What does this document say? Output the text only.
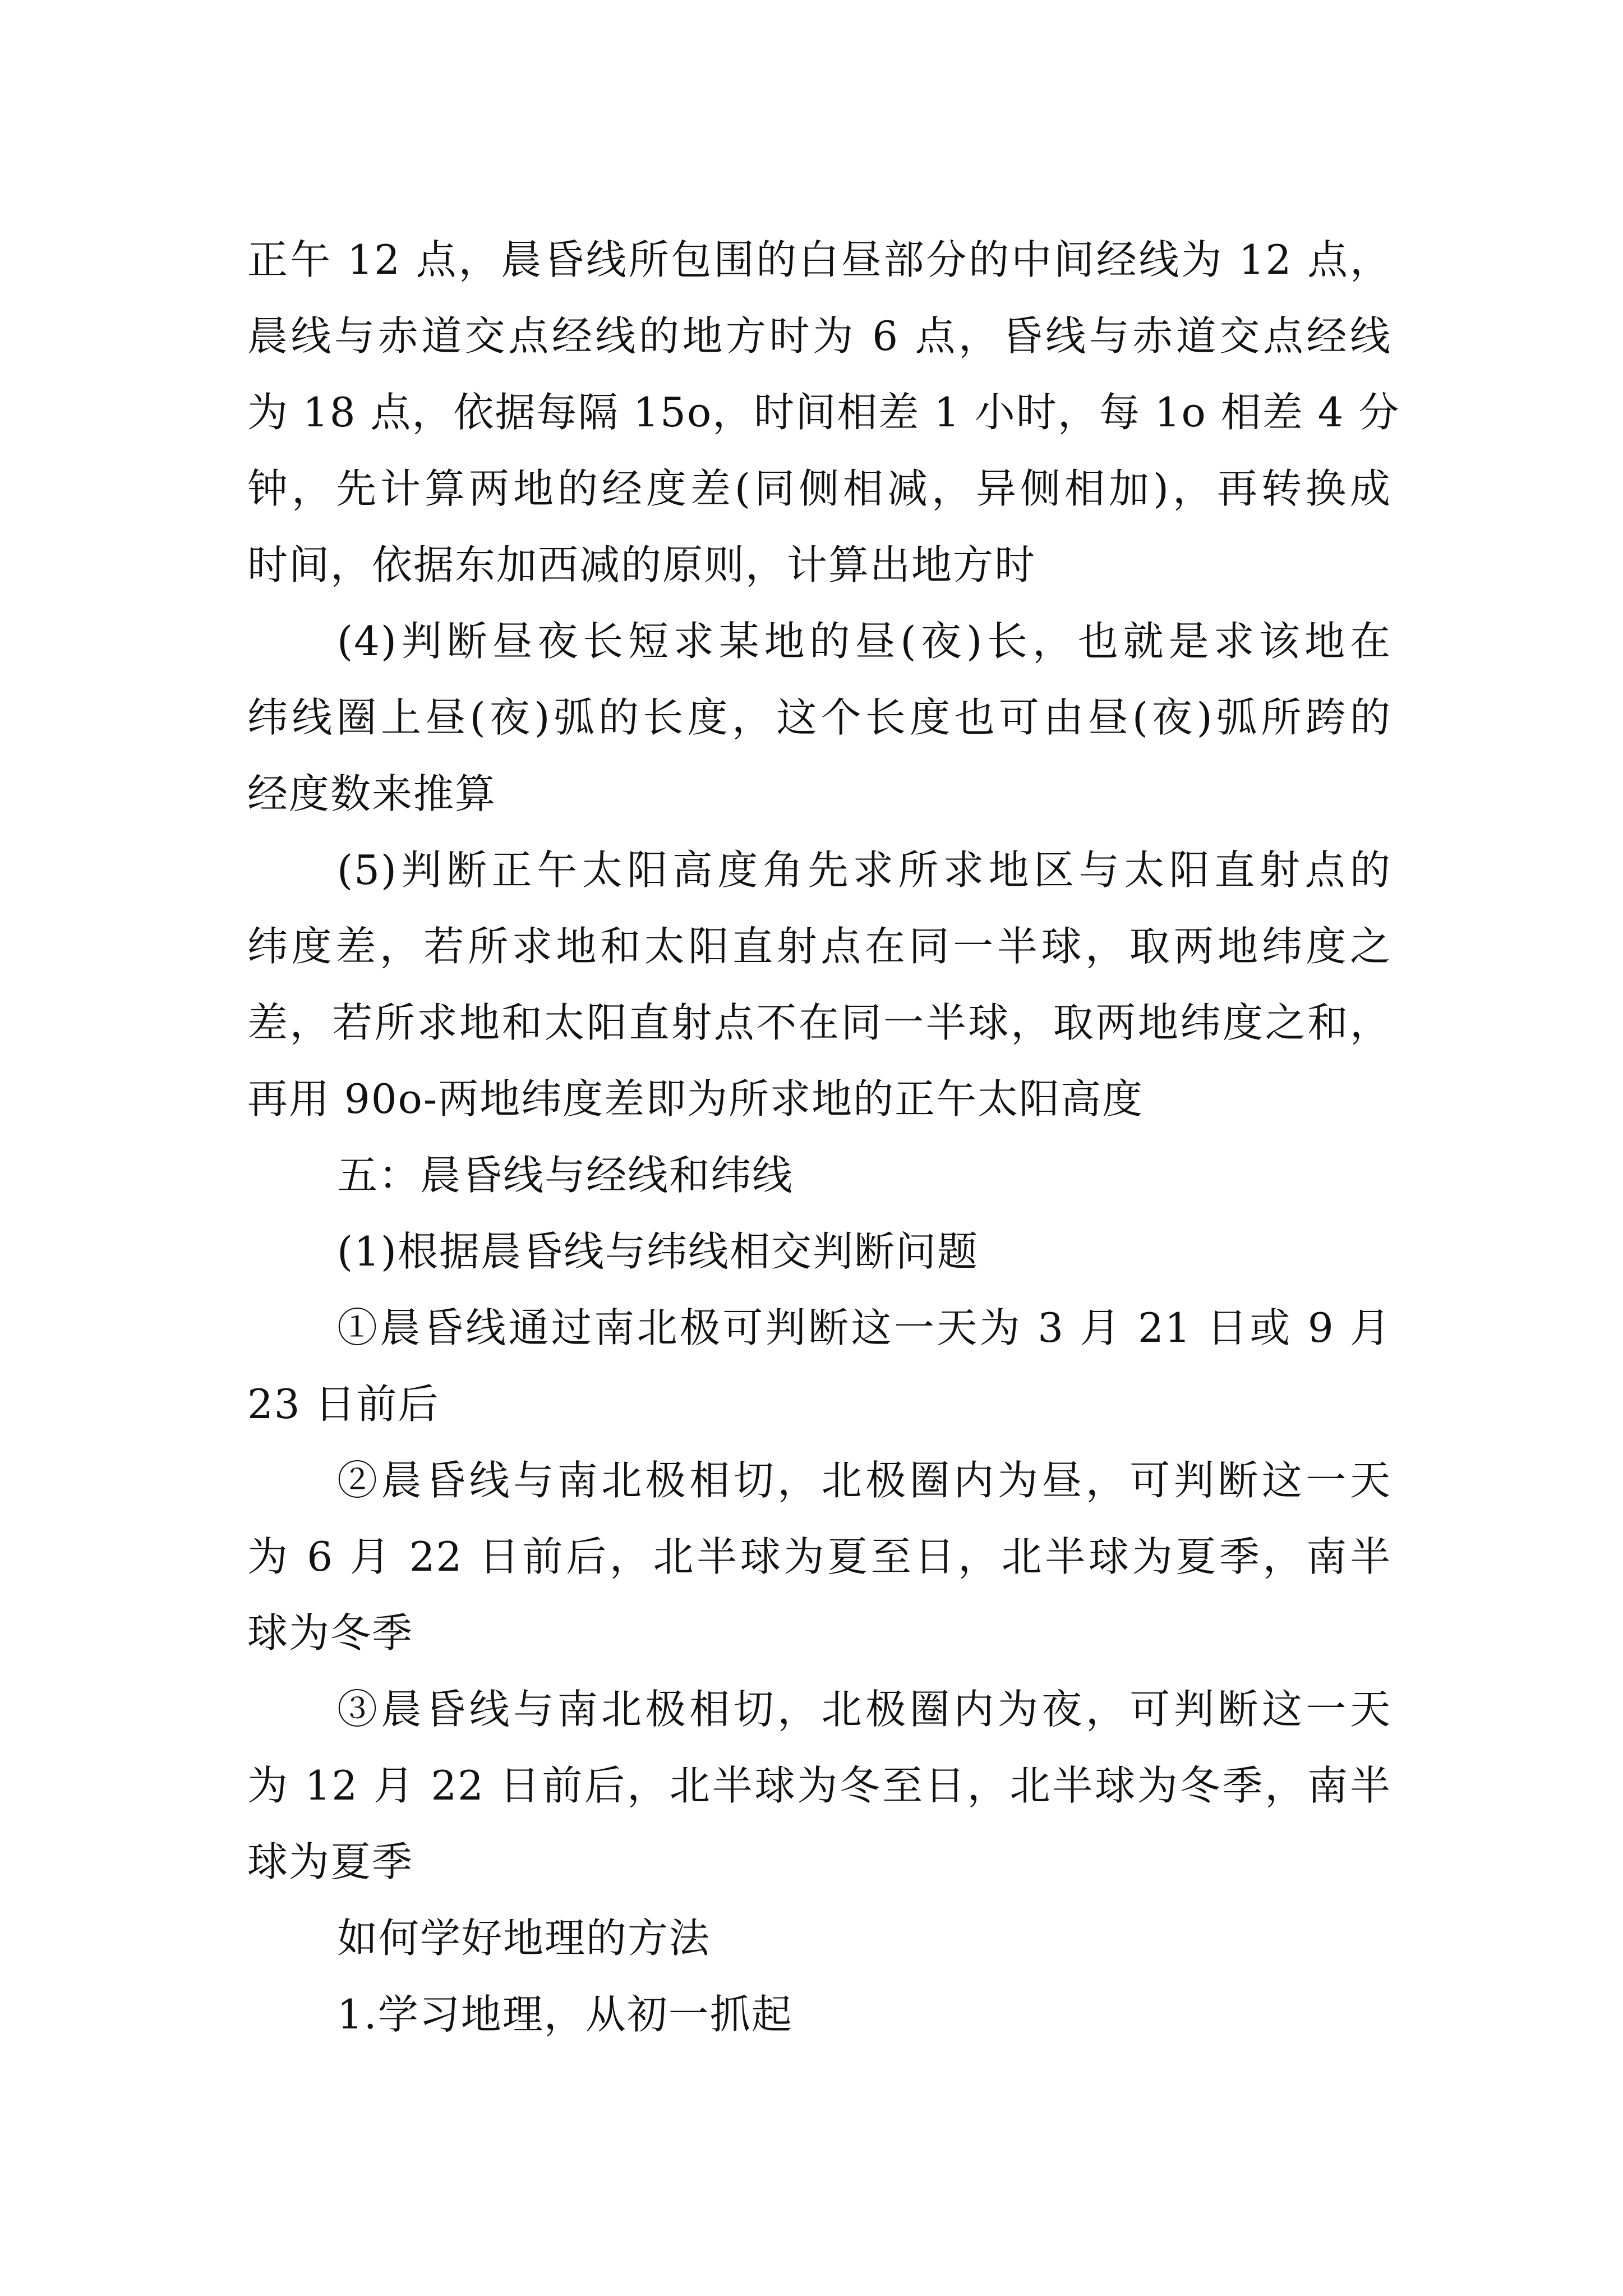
正午 12 点，晨昏线所包围的白昼部分的中间经线为 12 点，
晨线与赤道交点经线的地方时为 6 点，昏线与赤道交点经线
为 18 点，依据每隔 15o，时间相差 1 小时，每 1o 相差 4 分
钟，先计算两地的经度差(同侧相减，异侧相加)，再转换成
时间，依据东加西减的原则，计算出地方时
(4)判断昼夜长短求某地的昼(夜)长，也就是求该地在
纬线圈上昼(夜)弧的长度，这个长度也可由昼(夜)弧所跨的
经度数来推算
(5)判断正午太阳高度角先求所求地区与太阳直射点的
纬度差，若所求地和太阳直射点在同一半球，取两地纬度之
差，若所求地和太阳直射点不在同一半球，取两地纬度之和，
再用 90o-两地纬度差即为所求地的正午太阳高度
五：晨昏线与经线和纬线
(1)根据晨昏线与纬线相交判断问题
①晨昏线通过南北极可判断这一天为 3 月 21 日或 9 月
23 日前后
②晨昏线与南北极相切，北极圈内为昼，可判断这一天
为 6 月 22 日前后，北半球为夏至日，北半球为夏季，南半
球为冬季
③晨昏线与南北极相切，北极圈内为夜，可判断这一天
为 12 月 22 日前后，北半球为冬至日，北半球为冬季，南半
球为夏季
如何学好地理的方法
1.学习地理，从初一抓起
